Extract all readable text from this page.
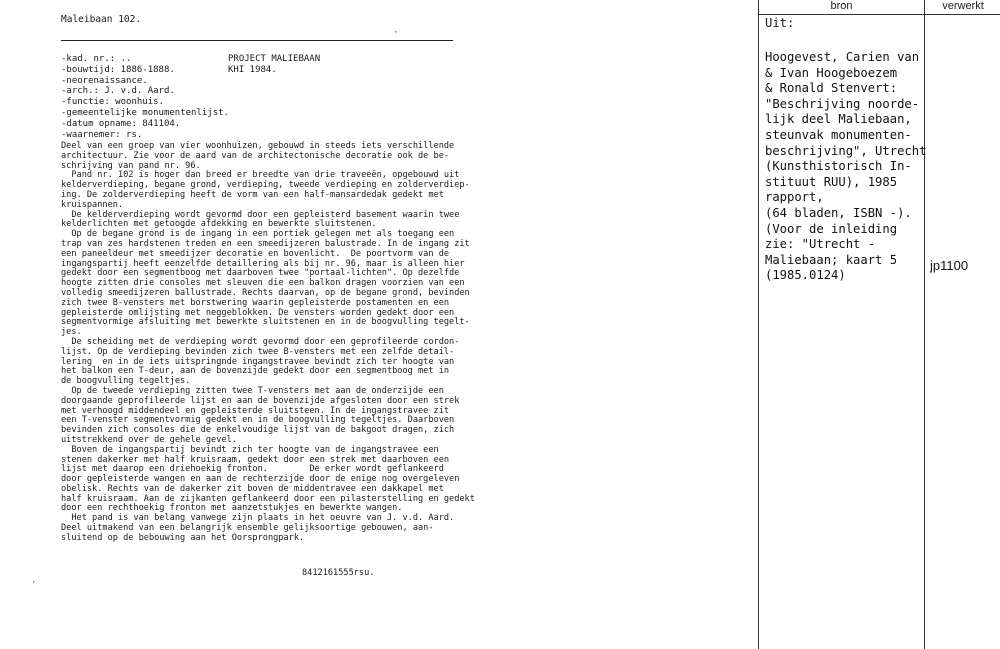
Maleibaan 102.
-kad. nr.: ..
-bouwtijd: 1886-1888.
-neorenaissance.
-arch.: J. v.d. Aard.
-functie: woonhuis.
-gemeentelijke monumentenlijst.
-datum opname: 841104.
-waarnemer: rs.
PROJECT MALIEBAAN
KHI 1984.
Deel van een groep van vier woonhuizen, gebouwd in steeds iets verschillende
architectuur. Zie voor de aard van de architectonische decoratie ook de be-
schrijving van pand nr. 96.
Pand nr. 102 is hoger dan breed er breedte van drie traveeën, opgebouwd uit
kelderverdieping, begane grond, verdieping, tweede verdieping en zolderverdiep-
ing. De zolderverdieping heeft de vorm van een half-mansardedak gedekt met
kruispannen.
De kelderverdieping wordt gevormd door een gepleisterd basement waarin twee
kelderlichten met getoogde afdekking en bewerkte sluitstenen.
Op de begane grond is de ingang in een portiek gelegen met als toegang een
trap van zes hardstenen treden en een smeedijzeren balustrade. In de ingang zit
een paneeldeur met smeedijzer decoratie en bovenlicht.  De poortvorm van de
ingangspartij heeft eenzelfde detaillering als bij nr. 96, maar is alleen hier
gedekt door een segmentboog met daarboven twee "portaal-lichten". Op dezelfde
hoogte zitten drie consoles met sleuven die een balkon dragen voorzien van een
volledig smeedijzeren ballustrade. Rechts daarvan, op de begane grond, bevinden
zich twee B-vensters met borstwering waarin gepleisterde postamenten en een
gepleisterde omlijsting met neggeblokken. De vensters worden gedekt door een
segmentvormige afsluiting met bewerkte sluitstenen en in de boogvulling tegelt-
jes.
De scheiding met de verdieping wordt gevormd door een geprofileerde cordon-
lijst. Op de verdieping bevinden zich twee B-vensters met een zelfde detail-
lering  en in de iets uitspringnde ingangstravee bevindt zich ter hoogte van
het balkon een T-deur, aan de bovenzijde gedekt door een segmentboog met in
de boogvulling tegeltjes.
Op de tweede verdieping zitten twee T-vensters met aan de onderzijde een
doorgaande geprofileerde lijst en aan de bovenzijde afgesloten door een strek
met verhoogd middendeel en gepleisterde sluitsteen. In de ingangstravee zit
een T-venster segmentvormig gedekt en in de boogvulling tegeltjes. Daarboven
bevinden zich consoles die de enkelvoudige lijst van de bakgoot dragen, zich
uitstrekkend over de gehele gevel.
Boven de ingangspartij bevindt zich ter hoogte van de ingangstravee een
stenen dakerker met half kruisraam, gedekt door een strek met daarboven een
lijst met daarop een driehoekig fronton.        De erker wordt geflankeerd
door gepleisterde wangen en aan de rechterzijde door de enige nog overgeleven
obelisk. Rechts van de dakerker zit boven de middentravee een dakkapel met
half kruisraam. Aan de zijkanten geflankeerd door een pilasterstelling en gedekt
door een rechthoekig fronton met aanzetstukjes en bewerkte wangen.
Het pand is van belang vanwege zijn plaats in het oeuvre van J. v.d. Aard.
Deel uitmakend van een belangrijk ensemble gelijksoortige gebouwen, aan-
sluitend op de bebouwing aan het Oorsprongpark.
8412161555rsu.
·
·
bron	verwerkt
Uit:
Hoogevest, Carien van
& Ivan Hoogeboezem
& Ronald Stenvert:
"Beschrijving noorde-
lijk deel Maliebaan,
steunvak monumenten-
beschrijving", Utrecht
(Kunsthistorisch In-
stituut RUU), 1985
rapport,
(64 bladen, ISBN -).
(Voor de inleiding
zie: "Utrecht -
Maliebaan; kaart 5
(1985.0124)
jp1100
